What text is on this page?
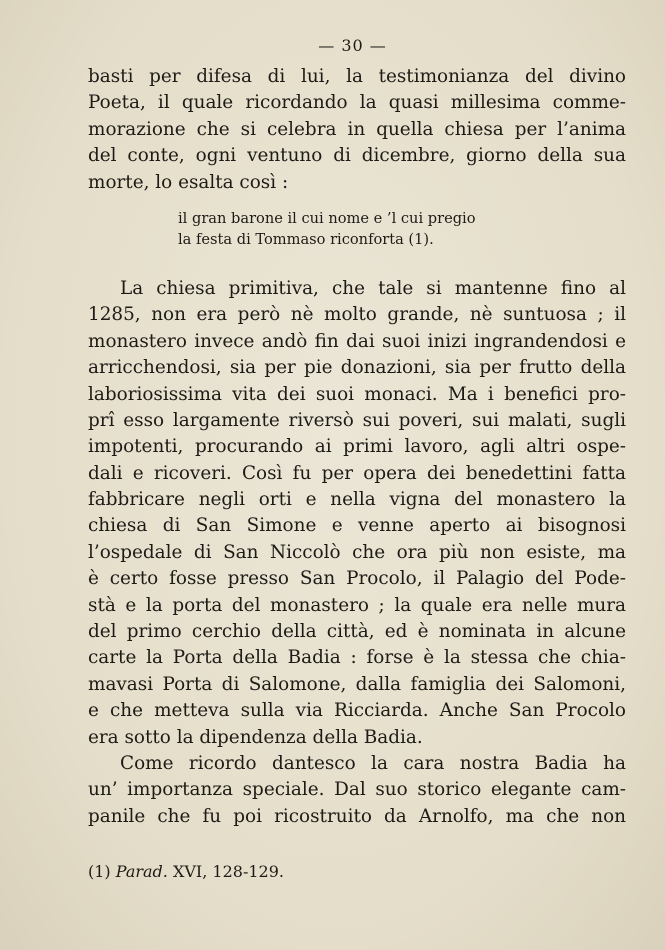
— 30 —
basti per difesa di lui, la testimonianza del divino
Poeta, il quale ricordando la quasi millesima comme-
morazione che si celebra in quella chiesa per l’anima
del conte, ogni ventuno di dicembre, giorno della sua
morte, lo esalta così :
il gran barone il cui nome e ’l cui pregio
la festa di Tommaso riconforta (1).
La chiesa primitiva, che tale si mantenne fino al
1285, non era però nè molto grande, nè suntuosa ; il
monastero invece andò fin dai suoi inizi ingrandendosi e
arricchendosi, sia per pie donazioni, sia per frutto della
laboriosissima vita dei suoi monaci. Ma i benefici pro-
prî esso largamente riversò sui poveri, sui malati, sugli
impotenti, procurando ai primi lavoro, agli altri ospe-
dali e ricoveri. Così fu per opera dei benedettini fatta
fabbricare negli orti e nella vigna del monastero la
chiesa di San Simone e venne aperto ai bisognosi
l’ospedale di San Niccolò che ora più non esiste, ma
è certo fosse presso San Procolo, il Palagio del Pode-
stà e la porta del monastero ; la quale era nelle mura
del primo cerchio della città, ed è nominata in alcune
carte la Porta della Badia : forse è la stessa che chia-
mavasi Porta di Salomone, dalla famiglia dei Salomoni,
e che metteva sulla via Ricciarda. Anche San Procolo
era sotto la dipendenza della Badia.
Come ricordo dantesco la cara nostra Badia ha
un’ importanza speciale. Dal suo storico elegante cam-
panile che fu poi ricostruito da Arnolfo, ma che non
(1) Parad. XVI, 128-129.
